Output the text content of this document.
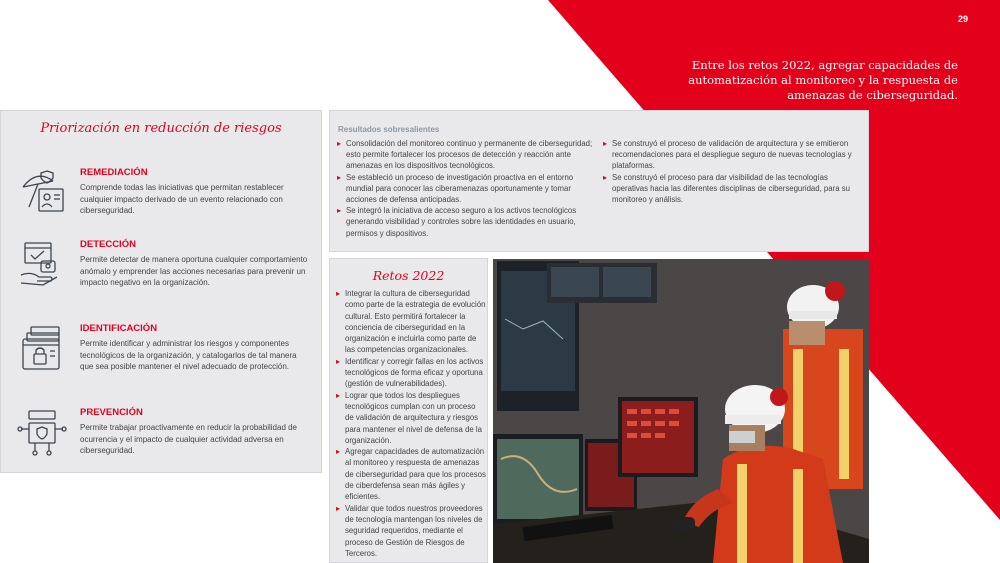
29
Entre los retos 2022, agregar capacidades de automatización al monitoreo y la respuesta de amenazas de ciberseguridad.
Priorización en reducción de riesgos
REMEDIACIÓN
Comprende todas las iniciativas que permitan restablecer cualquier impacto derivado de un evento relacionado con ciberseguridad.
DETECCIÓN
Permite detectar de manera oportuna cualquier comportamiento anómalo y emprender las acciones necesarias para prevenir un impacto negativo en la organización.
IDENTIFICACIÓN
Permite identificar y administrar los riesgos y componentes tecnológicos de la organización, y catalogarlos de tal manera que sea posible mantener el nivel adecuado de protección.
PREVENCIÓN
Permite trabajar proactivamente en reducir la probabilidad de ocurrencia y el impacto de cualquier actividad adversa en ciberseguridad.
Resultados sobresalientes
▸ Consolidación del monitoreo continuo y permanente de ciberseguridad; esto permite fortalecer los procesos de detección y reacción ante amenazas en los dispositivos tecnológicos.
▸ Se estableció un proceso de investigación proactiva en el entorno mundial para conocer las ciberamenazas oportunamente y tomar acciones de defensa anticipadas.
▸ Se integró la iniciativa de acceso seguro a los activos tecnológicos generando visibilidad y controles sobre las identidades en usuario, permisos y dispositivos.
▸ Se construyó el proceso de validación de arquitectura y se emitieron recomendaciones para el despliegue seguro de nuevas tecnologías y plataformas.
▸ Se construyó el proceso para dar visibilidad de las tecnologías operativas hacia las diferentes disciplinas de ciberseguridad, para su monitoreo y análisis.
Retos 2022
▸ Integrar la cultura de ciberseguridad como parte de la estrategia de evolución cultural. Esto permitirá fortalecer la conciencia de ciberseguridad en la organización e incluirla como parte de las competencias organizacionales.
▸ Identificar y corregir fallas en los activos tecnológicos de forma eficaz y oportuna (gestión de vulnerabilidades).
▸ Lograr que todos los despliegues tecnológicos cumplan con un proceso de validación de arquitectura y riesgos para mantener el nivel de defensa de la organización.
▸ Agregar capacidades de automatización al monitoreo y respuesta de amenazas de ciberseguridad para que los procesos de ciberdefensa sean más ágiles y eficientes.
▸ Validar que todos nuestros proveedores de tecnología mantengan los niveles de seguridad requeridos, mediante el proceso de Gestión de Riesgos de Terceros.
